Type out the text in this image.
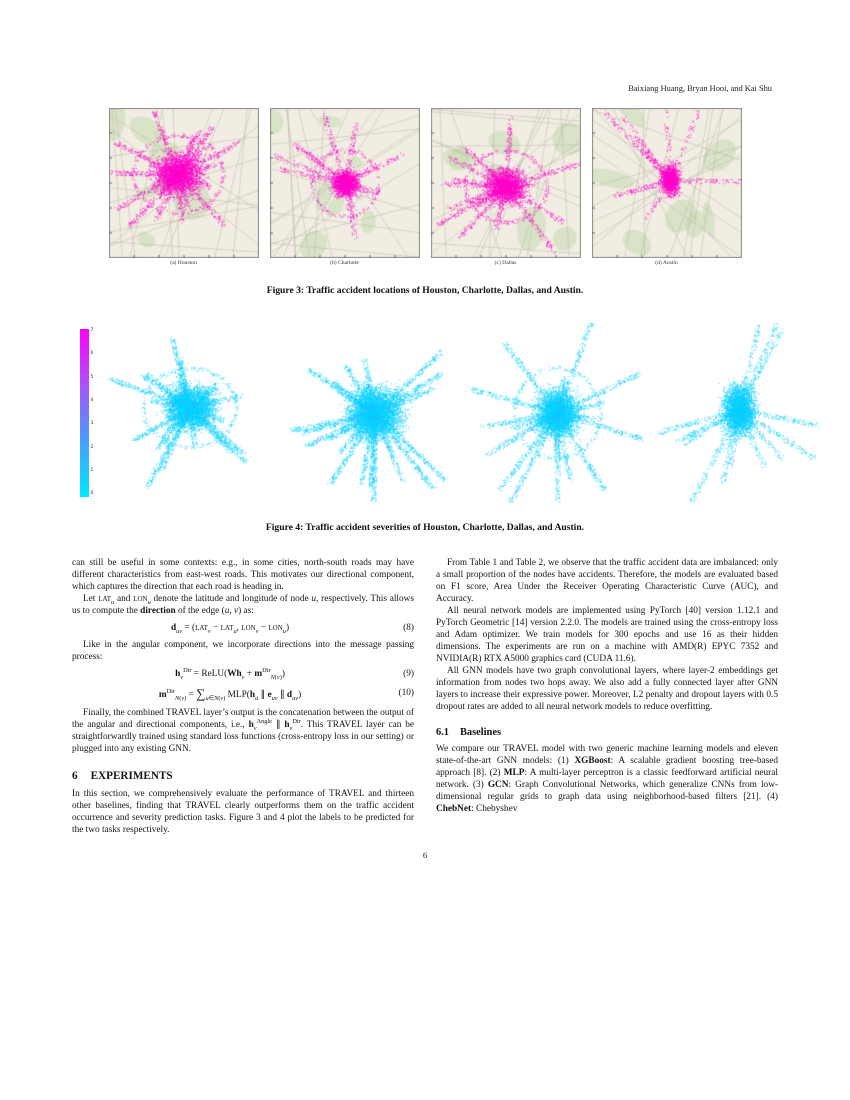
Baixiang Huang, Bryan Hooi, and Kai Shu
(a) Houston	(b) Charlotte	(c) Dallas	(d) Austin
Figure 3: Traffic accident locations of Houston, Charlotte, Dallas, and Austin.
7
6
5
4
3
2
1
0
Figure 4: Traffic accident severities of Houston, Charlotte, Dallas, and Austin.

can still be useful in some contexts: e.g., in some cities, north-south roads may have different characteristics from east-west roads. This motivates our directional component, which captures the direction that each road is heading in.

Let lat$_u$ and lon$_u$ denote the latitude and longitude of node u, respectively. This allows us to compute the direction of the edge (u, v) as:

$d_{uv} = (lat_v - lat_u$, lon$_v$ − lon$_u$)	(8)

Like in the angular component, we incorporate directions into the message passing process:

$h_v^{Dir}$ = $ReLU(Wh_v + m^{Dir}_{N(v)})$	(9)
$m^{Dir}_{N(v)} = \sum_{u\in N(v)}$ $MLP(h_u$ ∥ $e_{uv}$ ∥ $d_{uv}$)	(10)

Finally, the combined TRAVEL layer’s output is the concatenation between the output of the angular and directional components, i.e., $h_v^{Angle}$ ∥ $h_v^{Dir}$. This TRAVEL layer can be straightforwardly trained using standard loss functions (cross-entropy loss in our setting) or plugged into any existing GNN.

6 EXPERIMENTS

In this section, we comprehensively evaluate the performance of TRAVEL and thirteen other baselines, finding that TRAVEL clearly outperforms them on the traffic accident occurrence and severity prediction tasks. Figure 3 and 4 plot the labels to be predicted for the two tasks respectively.

From Table 1 and Table 2, we observe that the traffic accident data are imbalanced: only a small proportion of the nodes have accidents. Therefore, the models are evaluated based on F1 score, Area Under the Receiver Operating Characteristic Curve (AUC), and Accuracy.

All neural network models are implemented using PyTorch [40] version 1.12.1 and PyTorch Geometric [14] version 2.2.0. The models are trained using the cross-entropy loss and Adam optimizer. We train models for 300 epochs and use 16 as their hidden dimensions. The experiments are run on a machine with AMD(R) EPYC 7352 and NVIDIA(R) RTX A5000 graphics card (CUDA 11.6).

All GNN models have two graph convolutional layers, where layer-2 embeddings get information from nodes two hops away. We also add a fully connected layer after GNN layers to increase their expressive power. Moreover, L2 penalty and dropout layers with 0.5 dropout rates are added to all neural network models to reduce overfitting.

6.1 Baselines

We compare our TRAVEL model with two generic machine learning models and eleven state-of-the-art GNN models: (1) XGBoost: A scalable gradient boosting tree-based approach [8]. (2) MLP: A multi-layer perceptron is a classic feedforward artificial neural network. (3) GCN: Graph Convolutional Networks, which generalize CNNs from low-dimensional regular grids to graph data using neighborhood-based filters [21]. (4) ChebNet: Chebyshev

6
